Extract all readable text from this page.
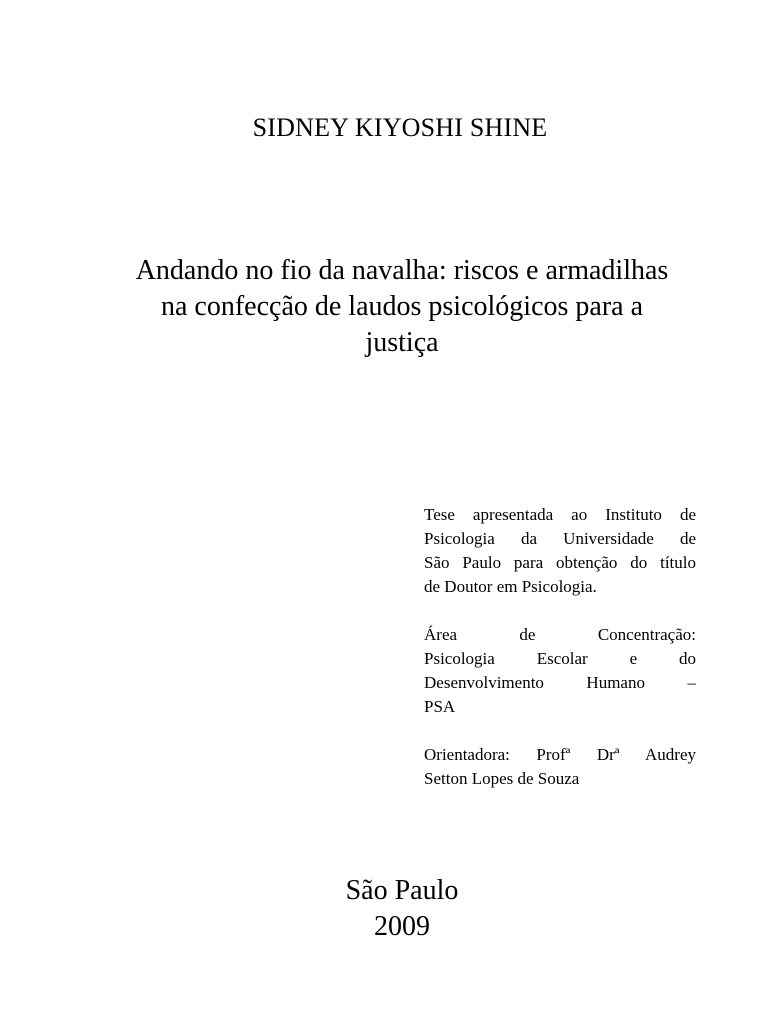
SIDNEY KIYOSHI SHINE
Andando no fio da navalha: riscos e armadilhas
na confecção de laudos psicológicos para a
justiça

Tese apresentada ao Instituto de
Psicologia da Universidade de
São Paulo para obtenção do título
de Doutor em Psicologia.

Área de Concentração:
Psicologia Escolar e do
Desenvolvimento Humano –
PSA

Orientadora: Profª Drª Audrey
Setton Lopes de Souza

São Paulo
2009
